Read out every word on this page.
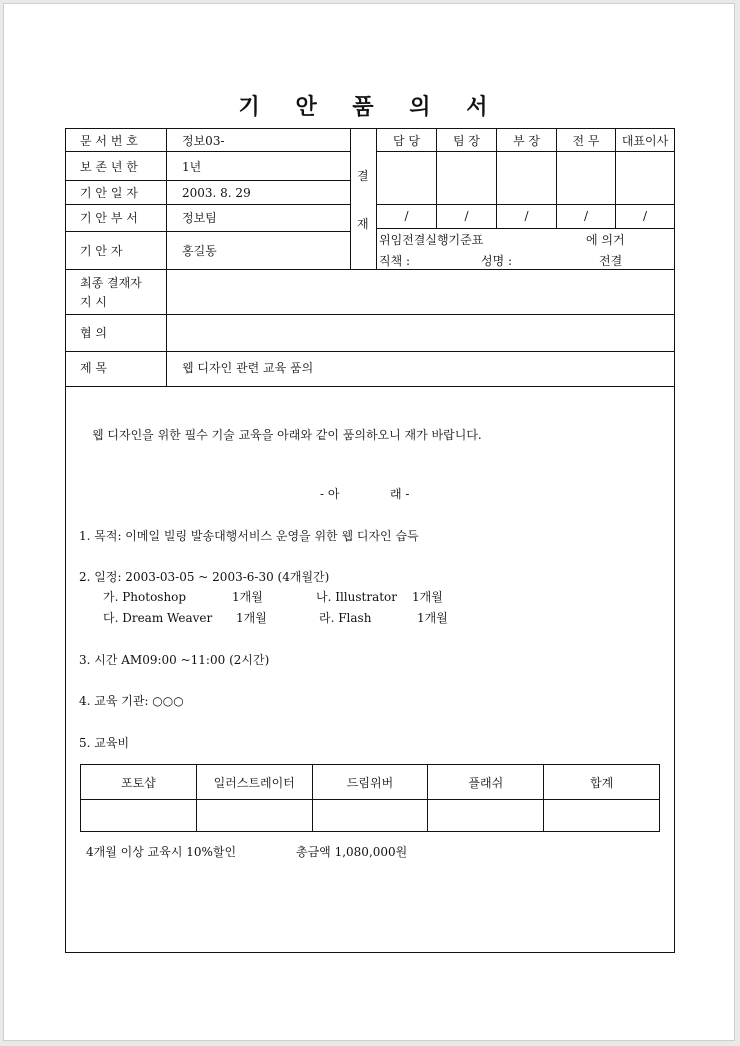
기 안 품 의 서
문 서 번 호	정보03-
보 존 년 한	1년
기 안 일 자	2003. 8. 29
기 안 부 서	정보팀
기 안 자	홍길동
최종 결재자
지 시
협 의
제 목	웹 디자인 관련 교육 품의
결
재
담 당	팀 장	부 장	전 무	대표이사
/	/	/	/	/
위임전결실행기준표	에 의거
직책 :	성명 :	전결
웹 디자인을 위한 필수 기술 교육을 아래와 같이 품의하오니 재가 바랍니다.
- 아	래 -
1. 목적: 이메일 빌링 발송대행서비스 운영을 위한 웹 디자인 습득
2. 일정: 2003-03-05 ~ 2003-6-30 (4개월간)
가. Photoshop	1개월	나. Illustrator 1개월
다. Dream Weaver 1개월	라. Flash	1개월
3. 시간 AM09:00 ~11:00 (2시간)
4. 교육 기관: ○○○
5. 교육비
포토샵	일러스트레이터	드림위버	플래쉬	합계

4개월 이상 교육시 10%할인	총금액 1,080,000원
